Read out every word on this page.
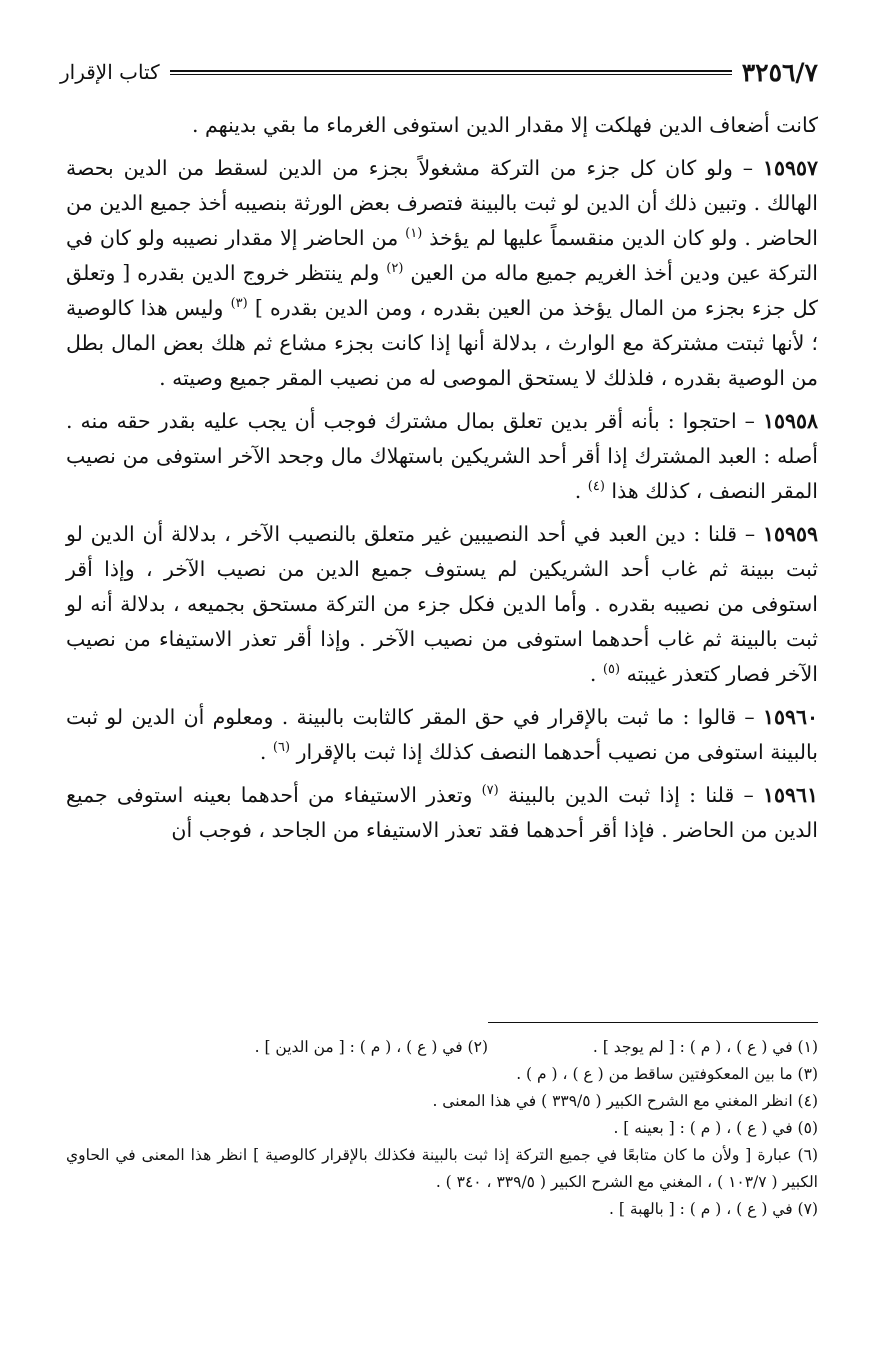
٣٢٥٦/٧
كتاب الإقرار

كانت أضعاف الدين فهلكت إلا مقدار الدين استوفى الغرماء ما بقي بدينهم .

١٥٩٥٧ – ولو كان كل جزء من التركة مشغولاً بجزء من الدين لسقط من الدين بحصة الهالك . وتبين ذلك أن الدين لو ثبت بالبينة فتصرف بعض الورثة بنصيبه أخذ جميع الدين من الحاضر . ولو كان الدين منقسماً عليها لم يؤخذ $^{(١)}$ من الحاضر إلا مقدار نصيبه ولو كان في التركة عين ودين أخذ الغريم جميع ماله من العين $^{(٢)}$ ولم ينتظر خروج الدين بقدره [ وتعلق كل جزء بجزء من المال يؤخذ من العين بقدره ، ومن الدين بقدره ] $^{(٣)}$ وليس هذا كالوصية ؛ لأنها ثبتت مشتركة مع الوارث ، بدلالة أنها إذا كانت بجزء مشاع ثم هلك بعض المال بطل من الوصية بقدره ، فلذلك لا يستحق الموصى له من نصيب المقر جميع وصيته .

١٥٩٥٨ – احتجوا : بأنه أقر بدين تعلق بمال مشترك فوجب أن يجب عليه بقدر حقه منه . أصله : العبد المشترك إذا أقر أحد الشريكين باستهلاك مال وجحد الآخر استوفى من نصيب المقر النصف ، كذلك هذا $^{(٤)}$ .

١٥٩٥٩ – قلنا : دين العبد في أحد النصيبين غير متعلق بالنصيب الآخر ، بدلالة أن الدين لو ثبت ببينة ثم غاب أحد الشريكين لم يستوف جميع الدين من نصيب الآخر ، وإذا أقر استوفى من نصيبه بقدره . وأما الدين فكل جزء من التركة مستحق بجميعه ، بدلالة أنه لو ثبت بالبينة ثم غاب أحدهما استوفى من نصيب الآخر . وإذا أقر تعذر الاستيفاء من نصيب الآخر فصار كتعذر غيبته $^{(٥)}$ .

١٥٩٦٠ – قالوا : ما ثبت بالإقرار في حق المقر كالثابت بالبينة . ومعلوم أن الدين لو ثبت بالبينة استوفى من نصيب أحدهما النصف كذلك إذا ثبت بالإقرار $^{(٦)}$ .

١٥٩٦١ – قلنا : إذا ثبت الدين بالبينة $^{(٧)}$ وتعذر الاستيفاء من أحدهما بعينه استوفى جميع الدين من الحاضر . فإذا أقر أحدهما فقد تعذر الاستيفاء من الجاحد ، فوجب أن

(١) في ( ع ) ، ( م ) : [ لم يوجد ] .

(٢) في ( ع ) ، ( م ) : [ من الدين ] .

(٣) ما بين المعكوفتين ساقط من ( ع ) ، ( م ) .

(٤) انظر المغني مع الشرح الكبير ( ٣٣٩/٥ ) في هذا المعنى .

(٥) في ( ع ) ، ( م ) : [ بعينه ] .

(٦) عبارة [ ولأن ما كان متابعًا في جميع التركة إذا ثبت بالبينة فكذلك بالإقرار كالوصية ] انظر هذا المعنى في الحاوي الكبير ( ١٠٣/٧ ) ، المغني مع الشرح الكبير ( ٣٣٩/٥ ، ٣٤٠ ) .

(٧) في ( ع ) ، ( م ) : [ بالهبة ] .
